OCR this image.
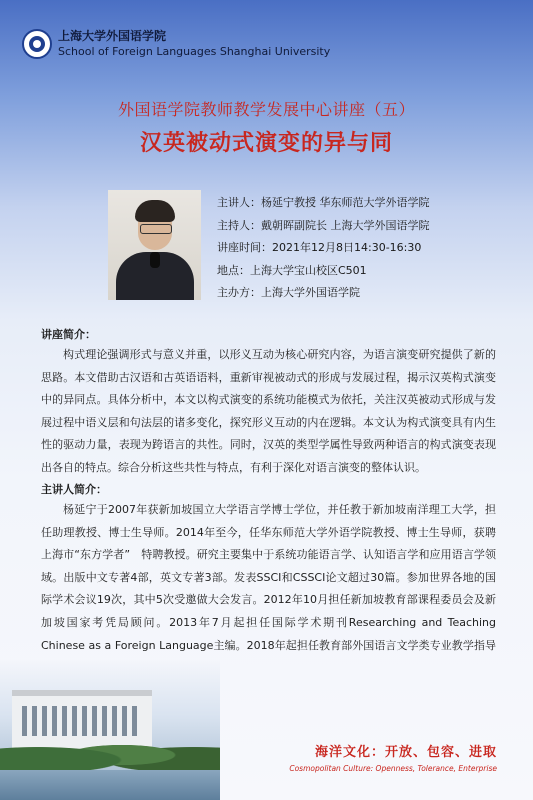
上海大学外国语学院
School of Foreign Languages Shanghai University
外国语学院教师教学发展中心讲座（五）
汉英被动式演变的异与同
主讲人：杨延宁教授 华东师范大学外语学院
主持人：戴朝晖副院长 上海大学外国语学院
讲座时间：2021年12月8日14:30-16:30
地点：上海大学宝山校区C501
主办方：上海大学外国语学院
讲座简介：

构式理论强调形式与意义并重，以形义互动为核心研究内容，为语言演变研究提供了新的思路。本文借助古汉语和古英语语料，重新审视被动式的形成与发展过程，揭示汉英构式演变中的异同点。具体分析中，本文以构式演变的系统功能模式为依托，关注汉英被动式形成与发展过程中语义层和句法层的诸多变化，探究形义互动的内在逻辑。本文认为构式演变具有内生性的驱动力量，表现为跨语言的共性。同时，汉英的类型学属性导致两种语言的构式演变表现出各自的特点。综合分析这些共性与特点，有利于深化对语言演变的整体认识。

主讲人简介：

杨延宁于2007年获新加坡国立大学语言学博士学位，并任教于新加坡南洋理工大学，担任助理教授、博士生导师。2014年至今，任华东师范大学外语学院教授、博士生导师，获聘上海市“东方学者”　特聘教授。研究主要集中于系统功能语言学、认知语言学和应用语言学领域。出版中文专著4部，英文专著3部。发表SSCI和CSSCI论文超过30篇。参加世界各地的国际学术会议19次，其中5次受邀做大会发言。2012年10月担任新加坡教育部课程委员会及新加坡国家考凭局顾问。2013年7月起担任国际学术期刊Researching and Teaching Chinese as a Foreign Language主编。2018年起担任教育部外国语言文学类专业教学指导

海洋文化：开放、包容、进取
Cosmopolitan Culture: Openness, Tolerance, Enterprise
